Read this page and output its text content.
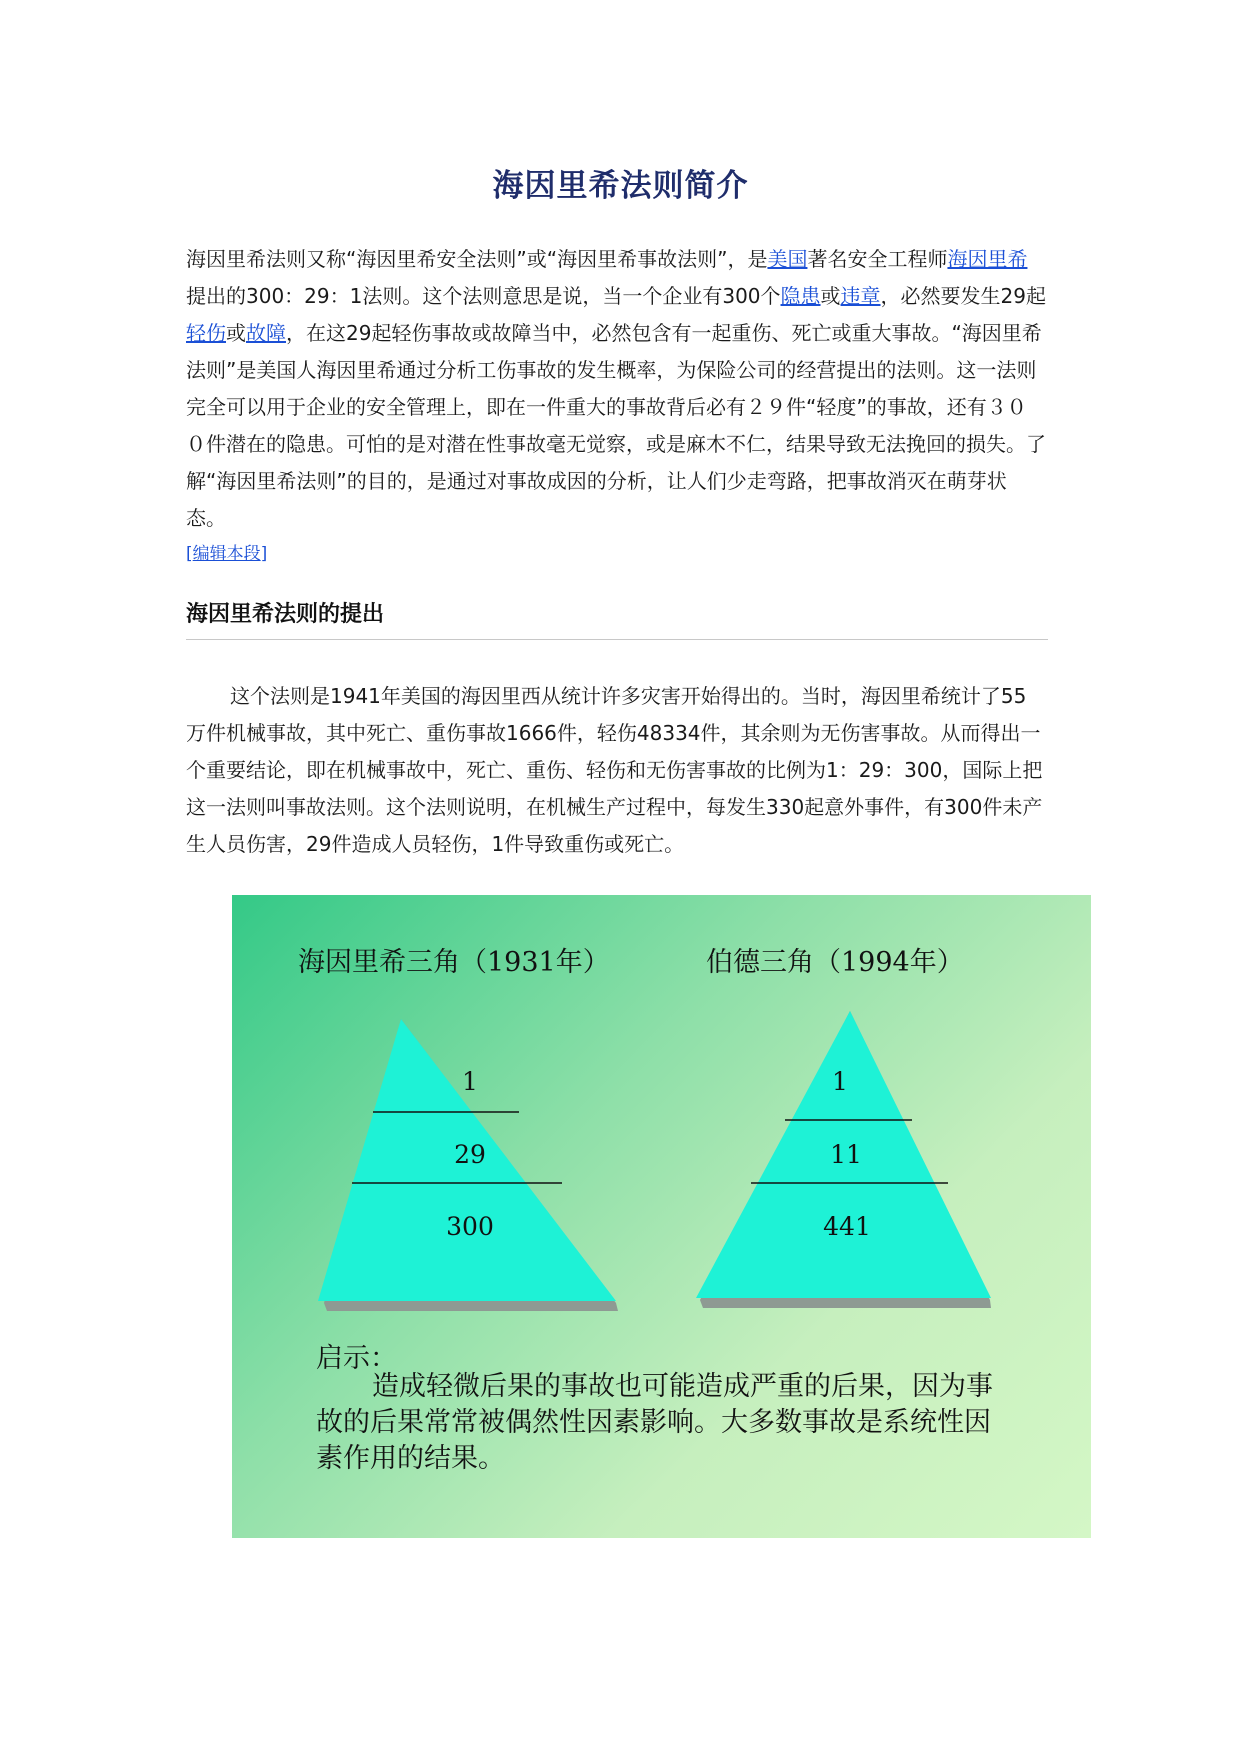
海因里希法则简介
海因里希法则又称“海因里希安全法则”或“海因里希事故法则”，是美国著名安全工程师海因里希提出的300：29：1法则。这个法则意思是说，当一个企业有300个隐患或违章，必然要发生29起轻伤或故障，在这29起轻伤事故或故障当中，必然包含有一起重伤、死亡或重大事故。“海因里希法则”是美国人海因里希通过分析工伤事故的发生概率，为保险公司的经营提出的法则。这一法则完全可以用于企业的安全管理上，即在一件重大的事故背后必有２９件“轻度”的事故，还有３００件潜在的隐患。可怕的是对潜在性事故毫无觉察，或是麻木不仁，结果导致无法挽回的损失。了解“海因里希法则”的目的，是通过对事故成因的分析，让人们少走弯路，把事故消灭在萌芽状态。
[编辑本段]
海因里希法则的提出
这个法则是1941年美国的海因里西从统计许多灾害开始得出的。当时，海因里希统计了55万件机械事故，其中死亡、重伤事故1666件，轻伤48334件，其余则为无伤害事故。从而得出一个重要结论，即在机械事故中，死亡、重伤、轻伤和无伤害事故的比例为1：29：300，国际上把这一法则叫事故法则。这个法则说明，在机械生产过程中，每发生330起意外事件，有300件未产生人员伤害，29件造成人员轻伤，1件导致重伤或死亡。
海因里希三角（1931年）	伯德三角（1994年）
1
29
300
1
11
441
启示：
造成轻微后果的事故也可能造成严重的后果，因为事故的后果常常被偶然性因素影响。大多数事故是系统性因素作用的结果。
